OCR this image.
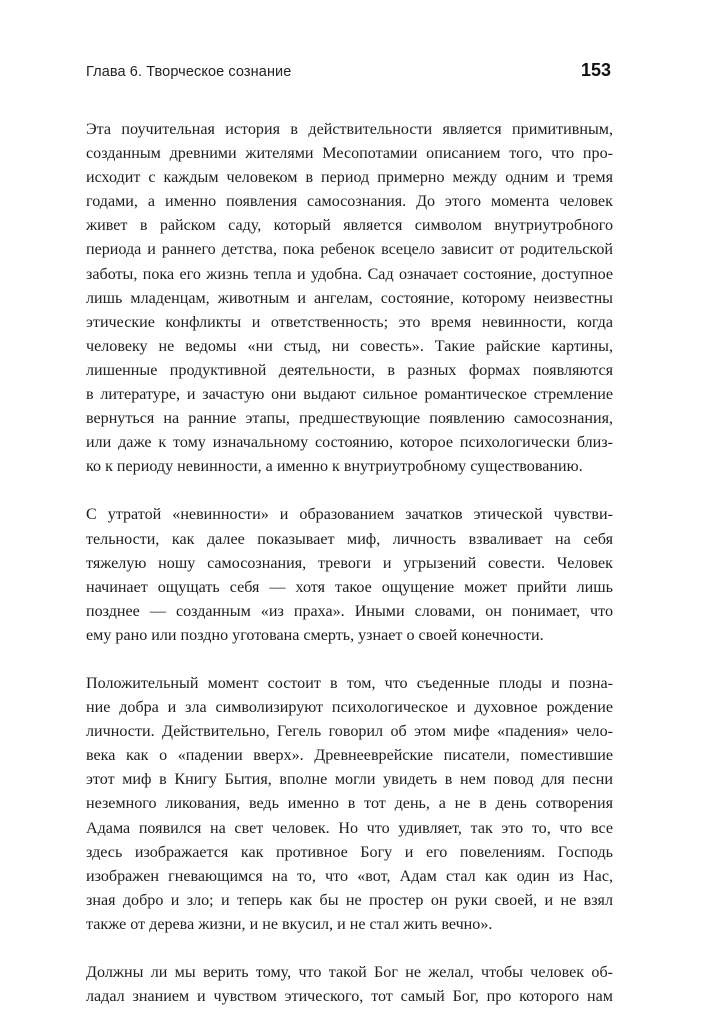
Глава 6. Творческое сознание	153

Эта поучительная история в действительности является примитивным,
созданным древними жителями Месопотамии описанием того, что про-
исходит с каждым человеком в период примерно между одним и тремя
годами, а именно появления самосознания. До этого момента человек
живет в райском саду, который является символом внутриутробного
периода и раннего детства, пока ребенок всецело зависит от родительской
заботы, пока его жизнь тепла и удобна. Сад означает состояние, доступное
лишь младенцам, животным и ангелам, состояние, которому неизвестны
этические конфликты и ответственность; это время невинности, когда
человеку не ведомы «ни стыд, ни совесть». Такие райские картины,
лишенные продуктивной деятельности, в разных формах появляются
в литературе, и зачастую они выдают сильное романтическое стремление
вернуться на ранние этапы, предшествующие появлению самосознания,
или даже к тому изначальному состоянию, которое психологически близ-
ко к периоду невинности, а именно к внутриутробному существованию.

С утратой «невинности» и образованием зачатков этической чувстви-
тельности, как далее показывает миф, личность взваливает на себя
тяжелую ношу самосознания, тревоги и угрызений совести. Человек
начинает ощущать себя — хотя такое ощущение может прийти лишь
позднее — созданным «из праха». Иными словами, он понимает, что
ему рано или поздно уготована смерть, узнает о своей конечности.

Положительный момент состоит в том, что съеденные плоды и позна-
ние добра и зла символизируют психологическое и духовное рождение
личности. Действительно, Гегель говорил об этом мифе «падения» чело-
века как о «падении вверх». Древнееврейские писатели, поместившие
этот миф в Книгу Бытия, вполне могли увидеть в нем повод для песни
неземного ликования, ведь именно в тот день, а не в день сотворения
Адама появился на свет человек. Но что удивляет, так это то, что все
здесь изображается как противное Богу и его повелениям. Господь
изображен гневающимся на то, что «вот, Адам стал как один из Нас,
зная добро и зло; и теперь как бы не простер он руки своей, и не взял
также от дерева жизни, и не вкусил, и не стал жить вечно».

Должны ли мы верить тому, что такой Бог не желал, чтобы человек об-
ладал знанием и чувством этического, тот самый Бог, про которого нам
